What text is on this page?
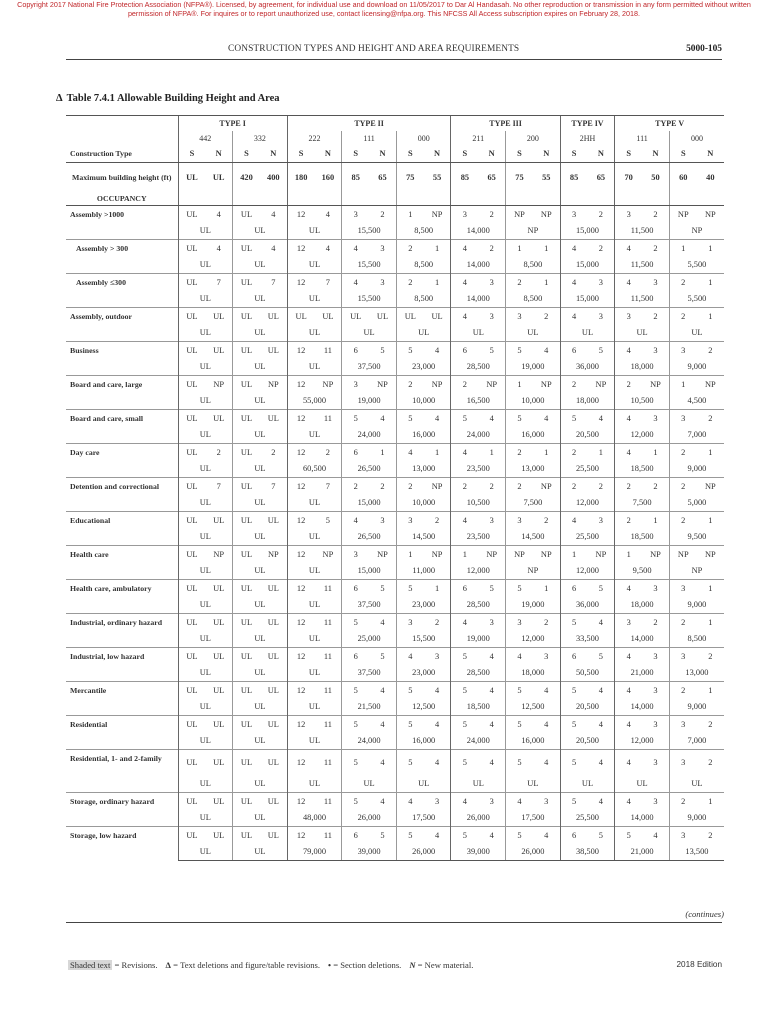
Copyright 2017 National Fire Protection Association (NFPA®). Licensed, by agreement, for individual use and download on 11/05/2017 to Dar Al Handasah. No other reproduction or transmission in any form permitted without written permission of NFPA®. For inquires or to report unauthorized use, contact licensing@nfpa.org. This NFCSS All Access subscription expires on February 28, 2018.
CONSTRUCTION TYPES AND HEIGHT AND AREA REQUIREMENTS	5000-105
Δ Table 7.4.1 Allowable Building Height and Area
	TYPE I				TYPE II						TYPE III				TYPE IV		TYPE V			
	442		332		222		111		000		211		200		2HH		111		000	
Construction Type	S	N	S	N	S	N	S	N	S	N	S	N	S	N	S	N	S	N	S	N
Maximum building height (ft)	UL	UL	420	400	180	160	85	65	75	55	85	65	75	55	85	65	70	50	60	40
OCCUPANCY																				
Assembly >1000	UL	4	UL	4	12	4	3	2	1	NP	3	2	NP	NP	3	2	3	2	NP	NP
	UL		UL		UL		15,500		8,500		14,000		NP		15,000		11,500		NP	
Assembly > 300	UL	4	UL	4	12	4	4	3	2	1	4	2	1	1	4	2	4	2	1	1
	UL		UL		UL		15,500		8,500		14,000		8,500		15,000		11,500		5,500	
Assembly ≤300	UL	7	UL	7	12	7	4	3	2	1	4	3	2	1	4	3	4	3	2	1
	UL		UL		UL		15,500		8,500		14,000		8,500		15,000		11,500		5,500	
Assembly, outdoor	UL	UL	UL	UL	UL	UL	UL	UL	UL	UL	4	3	3	2	4	3	3	2	2	1
	UL		UL		UL		UL		UL		UL		UL		UL		UL		UL	
Business	UL	UL	UL	UL	12	11	6	5	5	4	6	5	5	4	6	5	4	3	3	2
	UL		UL		UL		37,500		23,000		28,500		19,000		36,000		18,000		9,000	
Board and care, large	UL	NP	UL	NP	12	NP	3	NP	2	NP	2	NP	1	NP	2	NP	2	NP	1	NP
	UL		UL		55,000		19,000		10,000		16,500		10,000		18,000		10,500		4,500	
Board and care, small	UL	UL	UL	UL	12	11	5	4	5	4	5	4	5	4	5	4	4	3	3	2
	UL		UL		UL		24,000		16,000		24,000		16,000		20,500		12,000		7,000	
Day care	UL	2	UL	2	12	2	6	1	4	1	4	1	2	1	2	1	4	1	2	1
	UL		UL		60,500		26,500		13,000		23,500		13,000		25,500		18,500		9,000	
Detention and correctional	UL	7	UL	7	12	7	2	2	2	NP	2	2	2	NP	2	2	2	2	2	NP
	UL		UL		UL		15,000		10,000		10,500		7,500		12,000		7,500		5,000	
Educational	UL	UL	UL	UL	12	5	4	3	3	2	4	3	3	2	4	3	2	1	2	1
	UL		UL		UL		26,500		14,500		23,500		14,500		25,500		18,500		9,500	
Health care	UL	NP	UL	NP	12	NP	3	NP	1	NP	1	NP	NP	NP	1	NP	1	NP	NP	NP
	UL		UL		UL		15,000		11,000		12,000		NP		12,000		9,500		NP	
Health care, ambulatory	UL	UL	UL	UL	12	11	6	5	5	1	6	5	5	1	6	5	4	3	3	1
	UL		UL		UL		37,500		23,000		28,500		19,000		36,000		18,000		9,000	
Industrial, ordinary hazard	UL	UL	UL	UL	12	11	5	4	3	2	4	3	3	2	5	4	3	2	2	1
	UL		UL		UL		25,000		15,500		19,000		12,000		33,500		14,000		8,500	
Industrial, low hazard	UL	UL	UL	UL	12	11	6	5	4	3	5	4	4	3	6	5	4	3	3	2
	UL		UL		UL		37,500		23,000		28,500		18,000		50,500		21,000		13,000	
Mercantile	UL	UL	UL	UL	12	11	5	4	5	4	5	4	5	4	5	4	4	3	2	1
	UL		UL		UL		21,500		12,500		18,500		12,500		20,500		14,000		9,000	
Residential	UL	UL	UL	UL	12	11	5	4	5	4	5	4	5	4	5	4	4	3	3	2
	UL		UL		UL		24,000		16,000		24,000		16,000		20,500		12,000		7,000	
Residential, 1- and 2-family	UL	UL	UL	UL	12	11	5	4	5	4	5	4	5	4	5	4	4	3	3	2
	UL		UL		UL		UL		UL		UL		UL		UL		UL		UL	
Storage, ordinary hazard	UL	UL	UL	UL	12	11	5	4	4	3	4	3	4	3	5	4	4	3	2	1
	UL		UL		48,000		26,000		17,500		26,000		17,500		25,500		14,000		9,000	
Storage, low hazard	UL	UL	UL	UL	12	11	6	5	5	4	5	4	5	4	6	5	5	4	3	2
	UL		UL		79,000		39,000		26,000		39,000		26,000		38,500		21,000		13,500	
(continues)
Shaded text = Revisions. Δ = Text deletions and figure/table revisions. • = Section deletions. N = New material.	2018 Edition
